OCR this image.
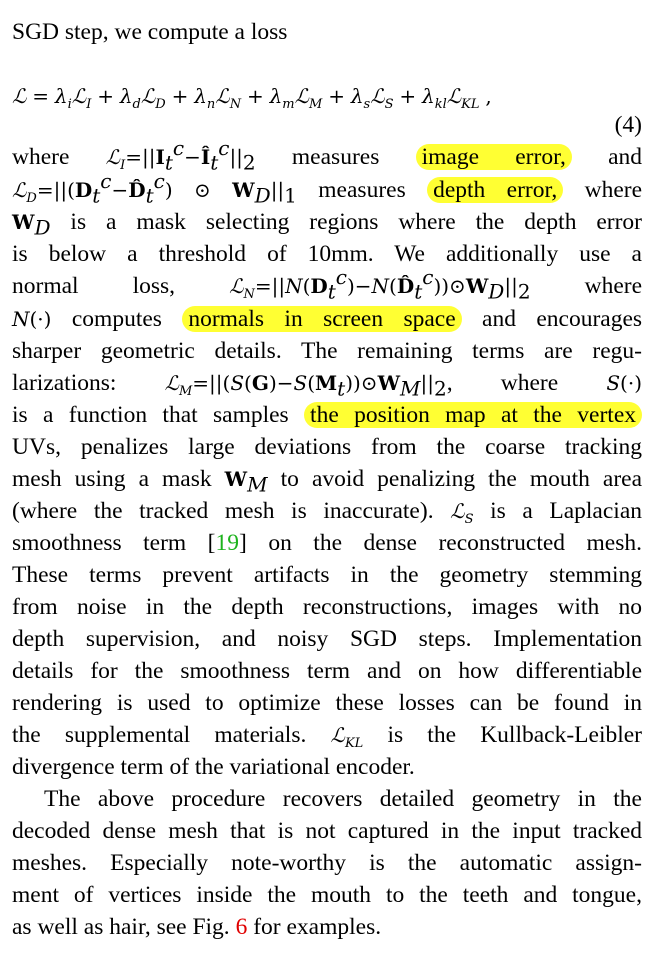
SGD step, we compute a loss
ℒ = $\lambda_iℒ_I$ + $\lambda_dℒ_D$ + $\lambda_nℒ_N$ + $\lambda_mℒ_M$ + $\lambda_sℒ_S$ + $\lambda_{kl}ℒ_{KL}$ ,
(4)
where $ℒ_I=||I_t^c-Î_t^c||_2$ measures image error, and
$ℒ_D=||(D_t^c-D̂_t^c)$ ⊙ $W_D||_1$ measures depth error, where
$W_D$ is a mask selecting regions where the depth error
is below a threshold of 10mm. We additionally use a
normal loss,	$ℒ_N=||N(D_t^c)-N(D̂_t^c))⊙W_D||_2$ where
N(·) computes normals in screen space and encourages
sharper geometric details. The remaining terms are regu-
larizations: $ℒ_M=||(S(G)-S(M_t))⊙W_M||_2$, where S(·)
is a function that samples the position map at the vertex
UVs, penalizes large deviations from the coarse tracking
mesh using a mask $W_M$ to avoid penalizing the mouth area
(where the tracked mesh is inaccurate). ℒ$_S$ is a Laplacian
smoothness term [19] on the dense reconstructed mesh.
These terms prevent artifacts in the geometry stemming
from noise in the depth reconstructions, images with no
depth supervision, and noisy SGD steps. Implementation
details for the smoothness term and on how differentiable
rendering is used to optimize these losses can be found in
the supplemental materials. ℒ$_{KL}$ is the Kullback-Leibler
divergence term of the variational encoder.
The above procedure recovers detailed geometry in the
decoded dense mesh that is not captured in the input tracked
meshes. Especially note-worthy is the automatic assign-
ment of vertices inside the mouth to the teeth and tongue,
as well as hair, see Fig. 6 for examples.
